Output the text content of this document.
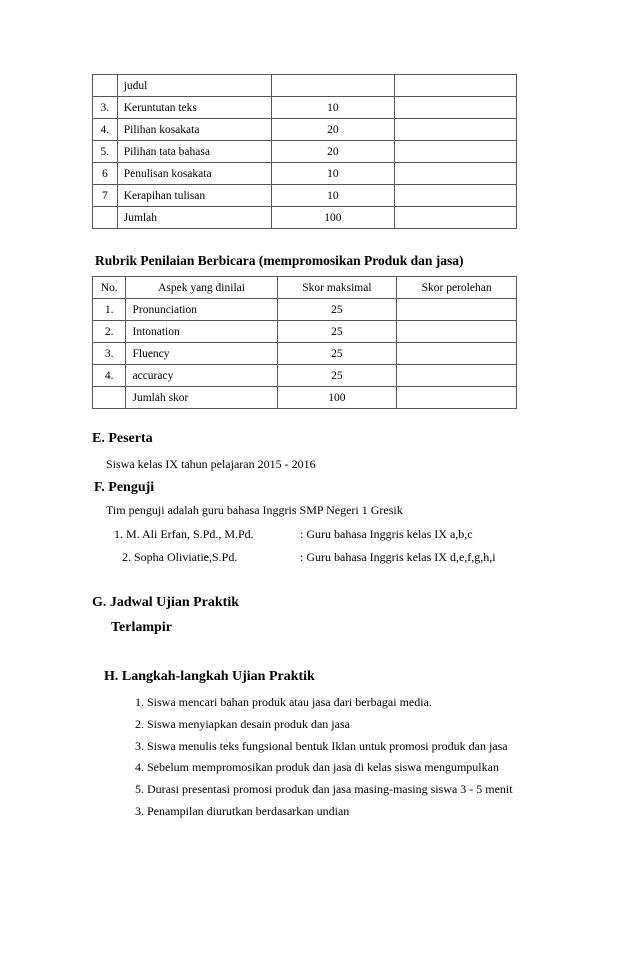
	judul		
3.	Keruntutan teks	10	
4.	Pilihan kosakata	20	
5.	Pilihan tata bahasa	20	
6	Penulisan kosakata	10	
7	Kerapihan tulisan	10	
	Jumlah	100	
Rubrik Penilaian Berbicara (mempromosikan Produk dan jasa)
No.	Aspek yang dinilai	Skor maksimal	Skor perolehan
1.	Pronunciation	25	
2.	Intonation	25	
3.	Fluency	25	
4.	accuracy	25	
	Jumlah skor	100	
E. Peserta
Siswa kelas IX tahun pelajaran 2015 - 2016
F. Penguji
Tim penguji adalah guru bahasa Inggris SMP Negeri 1 Gresik
1. M. Ali Erfan, S.Pd., M.Pd.	: Guru bahasa Inggris kelas IX a,b,c
2. Sopha Oliviatie,S.Pd.	: Guru bahasa Inggris kelas IX d,e,f,g,h,i
G. Jadwal Ujian Praktik
Terlampir
H. Langkah-langkah Ujian Praktik
1. Siswa mencari bahan produk atau jasa dari berbagai media.
2. Siswa menyiapkan desain produk dan jasa
3. Siswa menulis teks fungsional bentuk Iklan untuk promosi produk dan jasa
4. Sebelum mempromosikan produk dan jasa di kelas siswa mengumpulkan
5. Durasi presentasi promosi produk dan jasa masing-masing siswa 3 - 5 menit
3. Penampilan diurutkan berdasarkan undian
